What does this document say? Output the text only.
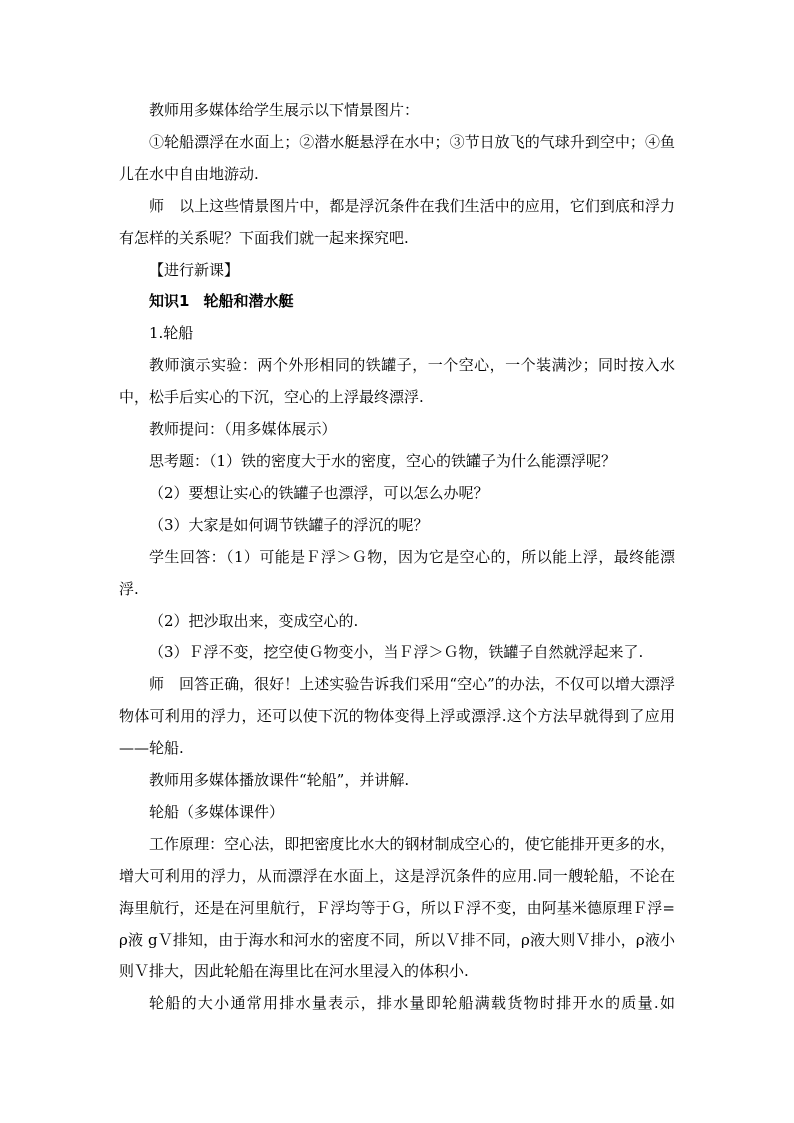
教师用多媒体给学生展示以下情景图片：

①轮船漂浮在水面上；②潜水艇悬浮在水中；③节日放飞的气球升到空中；④鱼儿在水中自由地游动.

师　以上这些情景图片中，都是浮沉条件在我们生活中的应用，它们到底和浮力有怎样的关系呢？下面我们就一起来探究吧.

【进行新课】

知识1 轮船和潜水艇

1.轮船

教师演示实验：两个外形相同的铁罐子，一个空心，一个装满沙；同时按入水中，松手后实心的下沉，空心的上浮最终漂浮.

教师提问：（用多媒体展示）

思考题：（1）铁的密度大于水的密度，空心的铁罐子为什么能漂浮呢？

（2）要想让实心的铁罐子也漂浮，可以怎么办呢？

（3）大家是如何调节铁罐子的浮沉的呢？

学生回答：（1）可能是Ｆ浮＞Ｇ物，因为它是空心的，所以能上浮，最终能漂浮.

（2）把沙取出来，变成空心的.

（3）Ｆ浮不变，挖空使Ｇ物变小，当Ｆ浮＞Ｇ物，铁罐子自然就浮起来了.

师　回答正确，很好！上述实验告诉我们采用“空心”的办法，不仅可以增大漂浮物体可利用的浮力，还可以使下沉的物体变得上浮或漂浮.这个方法早就得到了应用——轮船.

教师用多媒体播放课件“轮船”，并讲解.

轮船（多媒体课件）

工作原理：空心法，即把密度比水大的钢材制成空心的，使它能排开更多的水，增大可利用的浮力，从而漂浮在水面上，这是浮沉条件的应用.同一艘轮船，不论在海里航行，还是在河里航行，Ｆ浮均等于Ｇ，所以Ｆ浮不变，由阿基米德原理Ｆ浮=ρ液 gＶ排知，由于海水和河水的密度不同，所以Ｖ排不同，ρ液大则Ｖ排小，ρ液小则Ｖ排大，因此轮船在海里比在河水里浸入的体积小.

轮船的大小通常用排水量表示，排水量即轮船满载货物时排开水的质量.如
